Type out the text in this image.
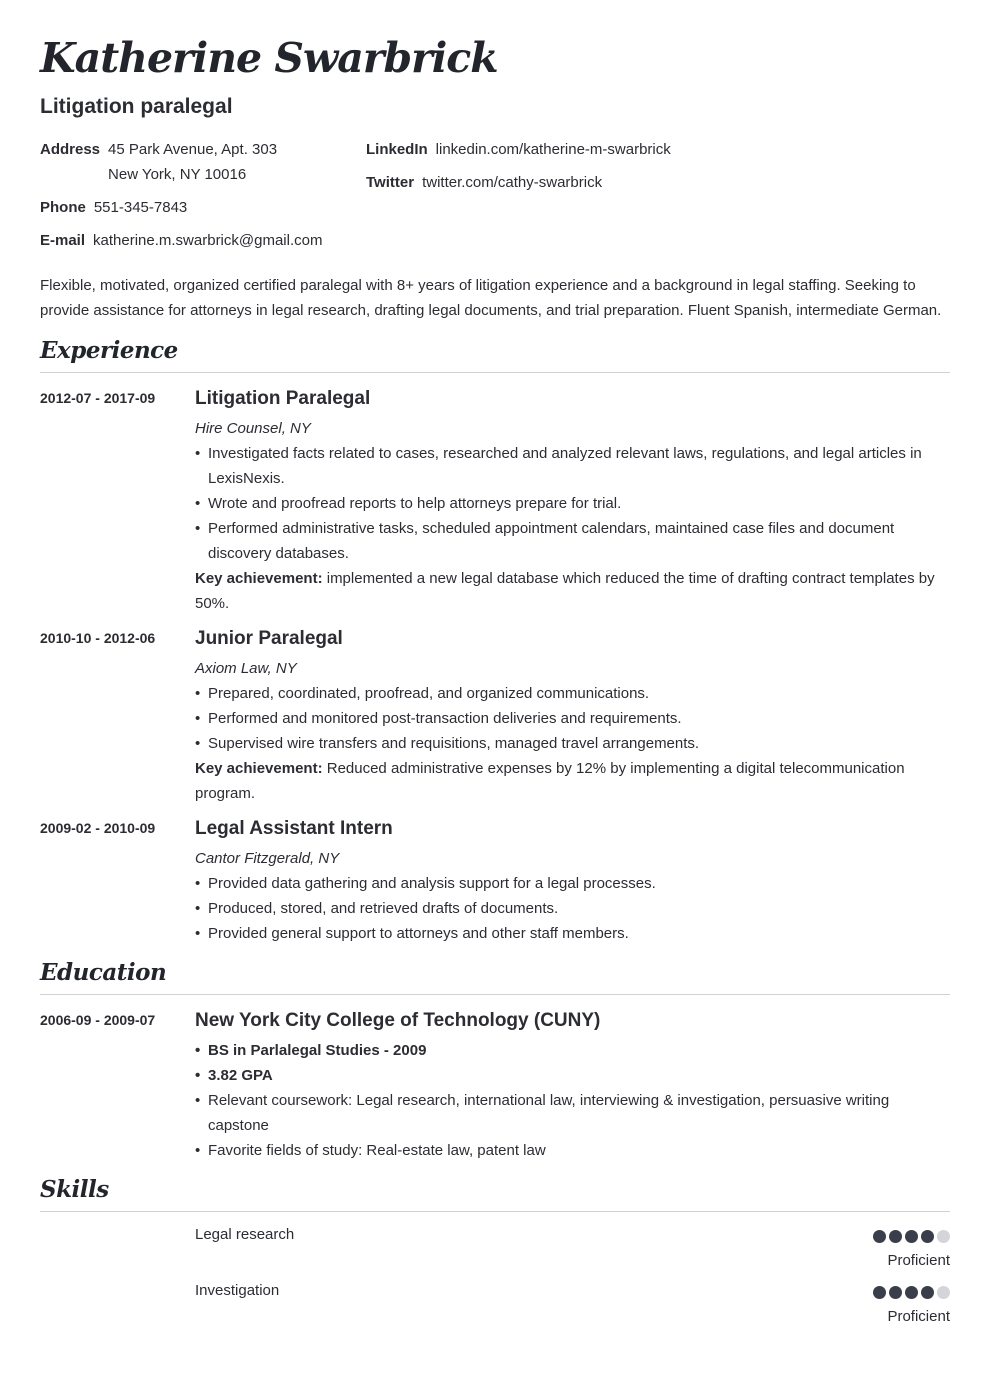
Katherine Swarbrick
Litigation paralegal
Address 45 Park Avenue, Apt. 303
New York, NY 10016
Phone 551-345-7843
E-mail katherine.m.swarbrick@gmail.com
LinkedIn linkedin.com/katherine-m-swarbrick
Twitter twitter.com/cathy-swarbrick
Flexible, motivated, organized certified paralegal with 8+ years of litigation experience and a background in legal staffing. Seeking to provide assistance for attorneys in legal research, drafting legal documents, and trial preparation. Fluent Spanish, intermediate German.
Experience
2012-07 - 2017-09 Litigation Paralegal
Hire Counsel, NY
• Investigated facts related to cases, researched and analyzed relevant laws, regulations, and legal articles in LexisNexis.
• Wrote and proofread reports to help attorneys prepare for trial.
• Performed administrative tasks, scheduled appointment calendars, maintained case files and document discovery databases.
Key achievement: implemented a new legal database which reduced the time of drafting contract templates by 50%.
2010-10 - 2012-06 Junior Paralegal
Axiom Law, NY
• Prepared, coordinated, proofread, and organized communications.
• Performed and monitored post-transaction deliveries and requirements.
• Supervised wire transfers and requisitions, managed travel arrangements.
Key achievement: Reduced administrative expenses by 12% by implementing a digital telecommunication program.
2009-02 - 2010-09 Legal Assistant Intern
Cantor Fitzgerald, NY
• Provided data gathering and analysis support for a legal processes.
• Produced, stored, and retrieved drafts of documents.
• Provided general support to attorneys and other staff members.
Education
2006-09 - 2009-07 New York City College of Technology (CUNY)
• BS in Parlalegal Studies - 2009
• 3.82 GPA
• Relevant coursework: Legal research, international law, interviewing & investigation, persuasive writing capstone
• Favorite fields of study: Real-estate law, patent law
Skills
Legal research
Proficient
Investigation
Proficient
